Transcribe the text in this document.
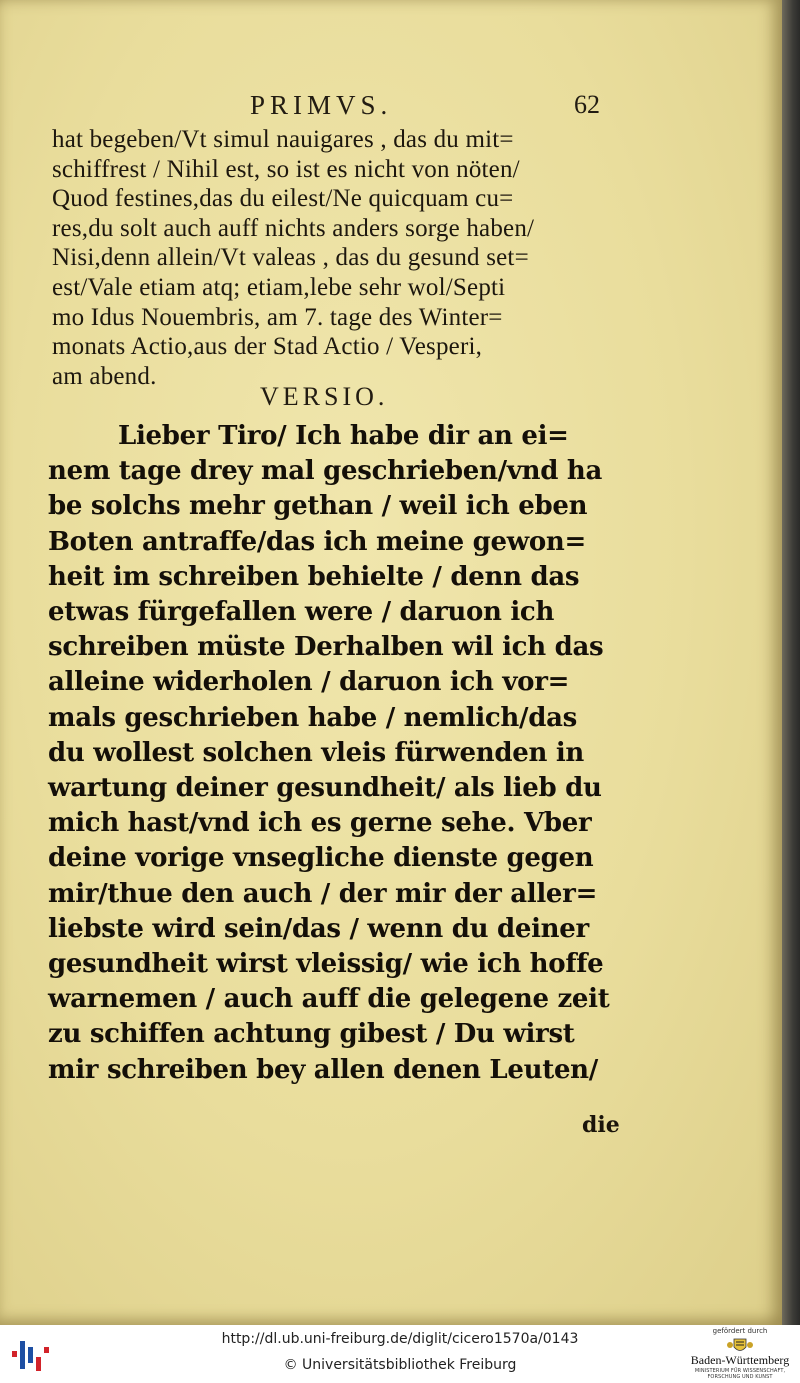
PRIMVS.	62
hat begeben/Vt simul nauigares , das du mit=
schiffrest / Nihil est, so ist es nicht von nöten/
Quod festines,das du eilest/Ne quicquam cu=
res,du solt auch auff nichts anders sorge haben/
Nisi,denn allein/Vt valeas , das du gesund set=
est/Vale etiam atq; etiam,lebe sehr wol/Septi
mo Idus Nouembris, am 7. tage des Winter=
monats Actio,aus der Stad Actio / Vesperi,
am abend.
VERSIO.
Lieber Tiro/ Ich habe dir an ei=
nem tage drey mal geschrieben/vnd ha
be solchs mehr gethan / weil ich eben
Boten antraffe/das ich meine gewon=
heit im schreiben behielte / denn das
etwas fürgefallen were / daruon ich
schreiben müste Derhalben wil ich das
alleine widerholen / daruon ich vor=
mals geschrieben habe / nemlich/das
du wollest solchen vleis fürwenden in
wartung deiner gesundheit/ als lieb du
mich hast/vnd ich es gerne sehe. Vber
deine vorige vnsegliche dienste gegen
mir/thue den auch / der mir der aller=
liebste wird sein/das / wenn du deiner
gesundheit wirst vleissig/ wie ich hoffe
warnemen / auch auff die gelegene zeit
zu schiffen achtung gibest / Du wirst
mir schreiben bey allen denen Leuten/
die
http://dl.ub.uni-freiburg.de/diglit/cicero1570a/0143
© Universitätsbibliothek Freiburg
gefördert durch
Baden-Württemberg
MINISTERIUM FÜR WISSENSCHAFT, FORSCHUNG UND KUNST
